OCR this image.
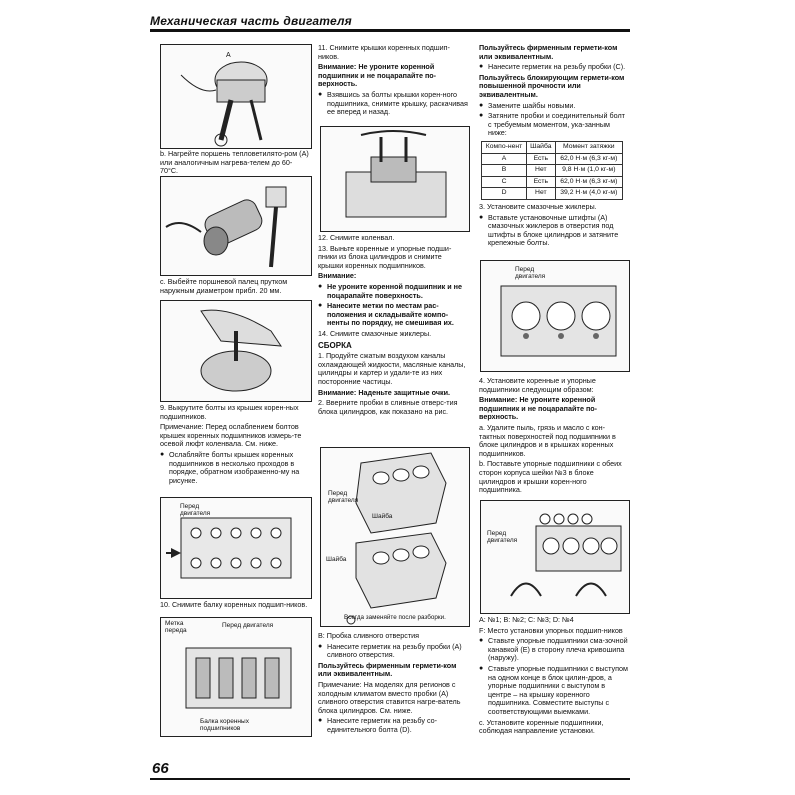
Механическая часть двигателя
A

b. Нагрейте поршень тепловетилято-ром (A) или аналогичным нагрева-телем до 60-70°С.

c. Выбейте поршневой палец прутком наружным диаметром прибл. 20 мм.

9. Выкрутите болты из крышек корен-ных подшипников.

Примечание: Перед ослаблением болтов крышек коренных подшипников измерь-те осевой люфт коленвала. См. ниже.

● Ослабляйте болты крышек коренных подшипников в несколько проходов в порядке, обратном изображенно-му на рисунке.

Перед двигателя

10. Снимите балку коренных подшип-ников.

Метка переда
Перед двигателя
Балка коренных подшипников

11. Снимите крышки коренных подшип-ников.

Внимание: Не уроните коренной подшипник и не поцарапайте по-верхность.

● Взявшись за болты крышки корен-ного подшипника, снимите крышку, раскачивая ее вперед и назад.

12. Снимите коленвал.

13. Выньте коренные и упорные подши-пники из блока цилиндров и снимите крышки коренных подшипников.

Внимание:

● Не уроните коренной подшипник и не поцарапайте поверхность.

● Нанесите метки по местам рас-положения и складывайте компо-ненты по порядку, не смешивая их.

14. Снимите смазочные жиклеры.

СБОРКА

1. Продуйте сжатым воздухом каналы охлаждающей жидкости, масляные каналы, цилиндры и картер и удали-те из них посторонние частицы.

Внимание: Наденьте защитные очки.

2. Вверните пробки в сливные отверс-тия блока цилиндров, как показано на рис.

Перед двигателя
Шайба
Шайба
Всегда заменяйте после разборки.

B: Пробка сливного отверстия

● Нанесите герметик на резьбу пробки (A) сливного отверстия.

Пользуйтесь фирменным гермети-ком или эквивалентным.

Примечание: На моделях для регионов с холодным климатом вместо пробки (A) сливного отверстия ставится нагре-ватель блока цилиндров. См. ниже.

● Нанесите герметик на резьбу со-единительного болта (D).

Пользуйтесь фирменным гермети-ком или эквивалентным.

● Нанесите герметик на резьбу пробки (C).

Пользуйтесь блокирующим гермети-ком повышенной прочности или эквивалентным.

● Замените шайбы новыми.

● Затяните пробки и соединительный болт с требуемым моментом, ука-занным ниже:

Компо-нент	Шайба	Момент затяжки
A	Есть	62,0 Н·м (6,3 кг-м)
B	Нет	9,8 Н·м (1,0 кг-м)
C	Есть	62,0 Н·м (6,3 кг-м)
D	Нет	39,2 Н·м (4,0 кг-м)

3. Установите смазочные жиклеры.

● Вставьте установочные штифты (A) смазочных жиклеров в отверстия под штифты в блоке цилиндров и затяните крепежные болты.

Перед двигателя

4. Установите коренные и упорные подшипники следующим образом:

Внимание: Не уроните коренной подшипник и не поцарапайте по-верхность.

a. Удалите пыль, грязь и масло с кон-тактных поверхностей под подшипники в блоке цилиндров и в крышках коренных подшипников.

b. Поставьте упорные подшипники с обеих сторон корпуса шейки №3 в блоке цилиндров и крышки корен-ного подшипника.

Перед двигателя

A: №1; B: №2; C: №3; D: №4

F: Место установки упорных подшип-ников

● Ставьте упорные подшипники сма-зочной канавкой (E) в сторону плеча кривошипа (наружу).

● Ставьте упорные подшипники с выступом на одном конце в блок цилин-дров, а упорные подшипники с выступом в центре – на крышку коренного подшипника. Совместите выступы с соответствующими выемками.

c. Установите коренные подшипники, соблюдая направление установки.

66
